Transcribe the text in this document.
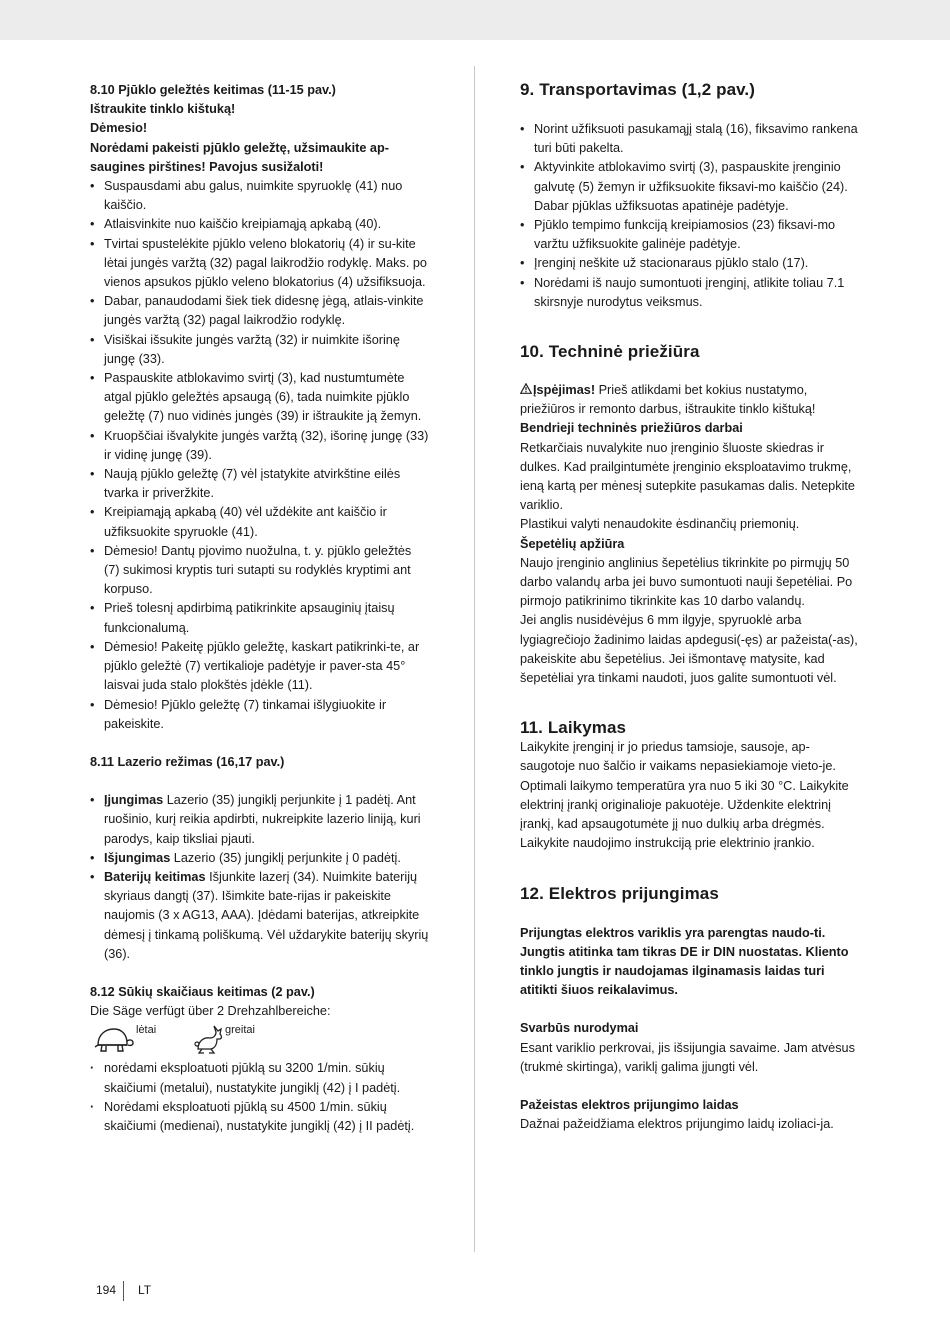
8.10 Pjūklo geležtės keitimas (11-15 pav.)

Ištraukite tinklo kištuką!

Dėmesio!

Norėdami pakeisti pjūklo geležtę, užsimaukite ap-saugines pirštines! Pavojus susižaloti!

• Suspausdami abu galus, nuimkite spyruoklę (41) nuo kaiščio.
• Atlaisvinkite nuo kaiščio kreipiamąją apkabą (40).
• Tvirtai spustelėkite pjūklo veleno blokatorių (4) ir su-kite lėtai jungės varžtą (32) pagal laikrodžio rodyklę. Maks. po vienos apsukos pjūklo veleno blokatorius (4) užsifiksuoja.
• Dabar, panaudodami šiek tiek didesnę jėgą, atlais-vinkite jungės varžtą (32) pagal laikrodžio rodyklę.
• Visiškai išsukite jungės varžtą (32) ir nuimkite išorinę jungę (33).
• Paspauskite atblokavimo svirtį (3), kad nustumtumėte atgal pjūklo geležtės apsaugą (6), tada nuimkite pjūklo geležtę (7) nuo vidinės jungės (39) ir ištraukite ją žemyn.
• Kruopščiai išvalykite jungės varžtą (32), išorinę jungę (33) ir vidinę jungę (39).
• Naują pjūklo geležtę (7) vėl įstatykite atvirkštine eilės tvarka ir priveržkite.
• Kreipiamąją apkabą (40) vėl uždėkite ant kaiščio ir užfiksuokite spyruokle (41).
• Dėmesio! Dantų pjovimo nuožulna, t. y. pjūklo geležtės (7) sukimosi kryptis turi sutapti su rodyklės kryptimi ant korpuso.
• Prieš tolesnį apdirbimą patikrinkite apsauginių įtaisų funkcionalumą.
• Dėmesio! Pakeitę pjūklo geležtę, kaskart patikrinki-te, ar pjūklo geležtė (7) vertikalioje padėtyje ir paver-sta 45° laisvai juda stalo plokštės įdėkle (11).
• Dėmesio! Pjūklo geležtę (7) tinkamai išlygiuokite ir pakeiskite.

8.11 Lazerio režimas (16,17 pav.)

• Įjungimas Lazerio (35) jungiklį perjunkite į 1 padėtį. Ant ruošinio, kurį reikia apdirbti, nukreipkite lazerio liniją, kuri parodys, kaip tiksliai pjauti.
• Išjungimas Lazerio (35) jungiklį perjunkite į 0 padėtį.
• Baterijų keitimas Išjunkite lazerį (34). Nuimkite baterijų skyriaus dangtį (37). Išimkite bate-rijas ir pakeiskite naujomis (3 x AG13, AAA). Įdėdami baterijas, atkreipkite dėmesį į tinkamą poliškumą. Vėl uždarykite baterijų skyrių (36).

8.12 Sūkių skaičiaus keitimas (2 pav.)

Die Säge verfügt über 2 Drehzahlbereiche:

lėtai	greitai
· norėdami eksploatuoti pjūklą su 3200 1/min. sūkių skaičiumi (metalui), nustatykite jungiklį (42) į I padėtį.
· Norėdami eksploatuoti pjūklą su 4500 1/min. sūkių skaičiumi (medienai), nustatykite jungiklį (42) į II padėtį.
9. Transportavimas (1,2 pav.)
• Norint užfiksuoti pasukamąjį stalą (16), fiksavimo rankena turi būti pakelta.
• Aktyvinkite atblokavimo svirtį (3), paspauskite įrenginio galvutę (5) žemyn ir užfiksuokite fiksavi-mo kaiščio (24). Dabar pjūklas užfiksuotas apatinėje padėtyje.
• Pjūklo tempimo funkciją kreipiamosios (23) fiksavi-mo varžtu užfiksuokite galinėje padėtyje.
• Įrenginį neškite už stacionaraus pjūklo stalo (17).
• Norėdami iš naujo sumontuoti įrenginį, atlikite toliau 7.1 skirsnyje nurodytus veiksmus.
10. Techninė priežiūra

Įspėjimas! Prieš atlikdami bet kokius nustatymo, priežiūros ir remonto darbus, ištraukite tinklo kištuką!

Bendrieji techninės priežiūros darbai

Retkarčiais nuvalykite nuo įrenginio šluoste skiedras ir dulkes. Kad prailgintumėte įrenginio eksploatavimo trukmę, ieną kartą per mėnesį sutepkite pasukamas dalis. Netepkite variklio.

Plastikui valyti nenaudokite ėsdinančių priemonių.

Šepetėlių apžiūra

Naujo įrenginio anglinius šepetėlius tikrinkite po pirmųjų 50 darbo valandų arba jei buvo sumontuoti nauji šepetėliai. Po pirmojo patikrinimo tikrinkite kas 10 darbo valandų.

Jei anglis nusidėvėjus 6 mm ilgyje, spyruoklė arba lygiagrečiojo žadinimo laidas apdegusi(-ęs) ar pažeista(-as), pakeiskite abu šepetėlius. Jei išmontavę matysite, kad šepetėliai yra tinkami naudoti, juos galite sumontuoti vėl.

11. Laikymas

Laikykite įrenginį ir jo priedus tamsioje, sausoje, ap-saugotoje nuo šalčio ir vaikams nepasiekiamoje vieto-je. Optimali laikymo temperatūra yra nuo 5 iki 30 °C. Laikykite elektrinį įrankį originalioje pakuotėje. Uždenkite elektrinį įrankį, kad apsaugotumėte jį nuo dulkių arba drėgmės. Laikykite naudojimo instrukciją prie elektrinio įrankio.

12. Elektros prijungimas

Prijungtas elektros variklis yra parengtas naudo-ti. Jungtis atitinka tam tikras DE ir DIN nuostatas. Kliento tinklo jungtis ir naudojamas ilginamasis laidas turi atitikti šiuos reikalavimus.

Svarbūs nurodymai

Esant variklio perkrovai, jis išsijungia savaime. Jam atvėsus (trukmė skirtinga), variklį galima įjungti vėl.

Pažeistas elektros prijungimo laidas

Dažnai pažeidžiama elektros prijungimo laidų izoliaci-ja.

194 LT
